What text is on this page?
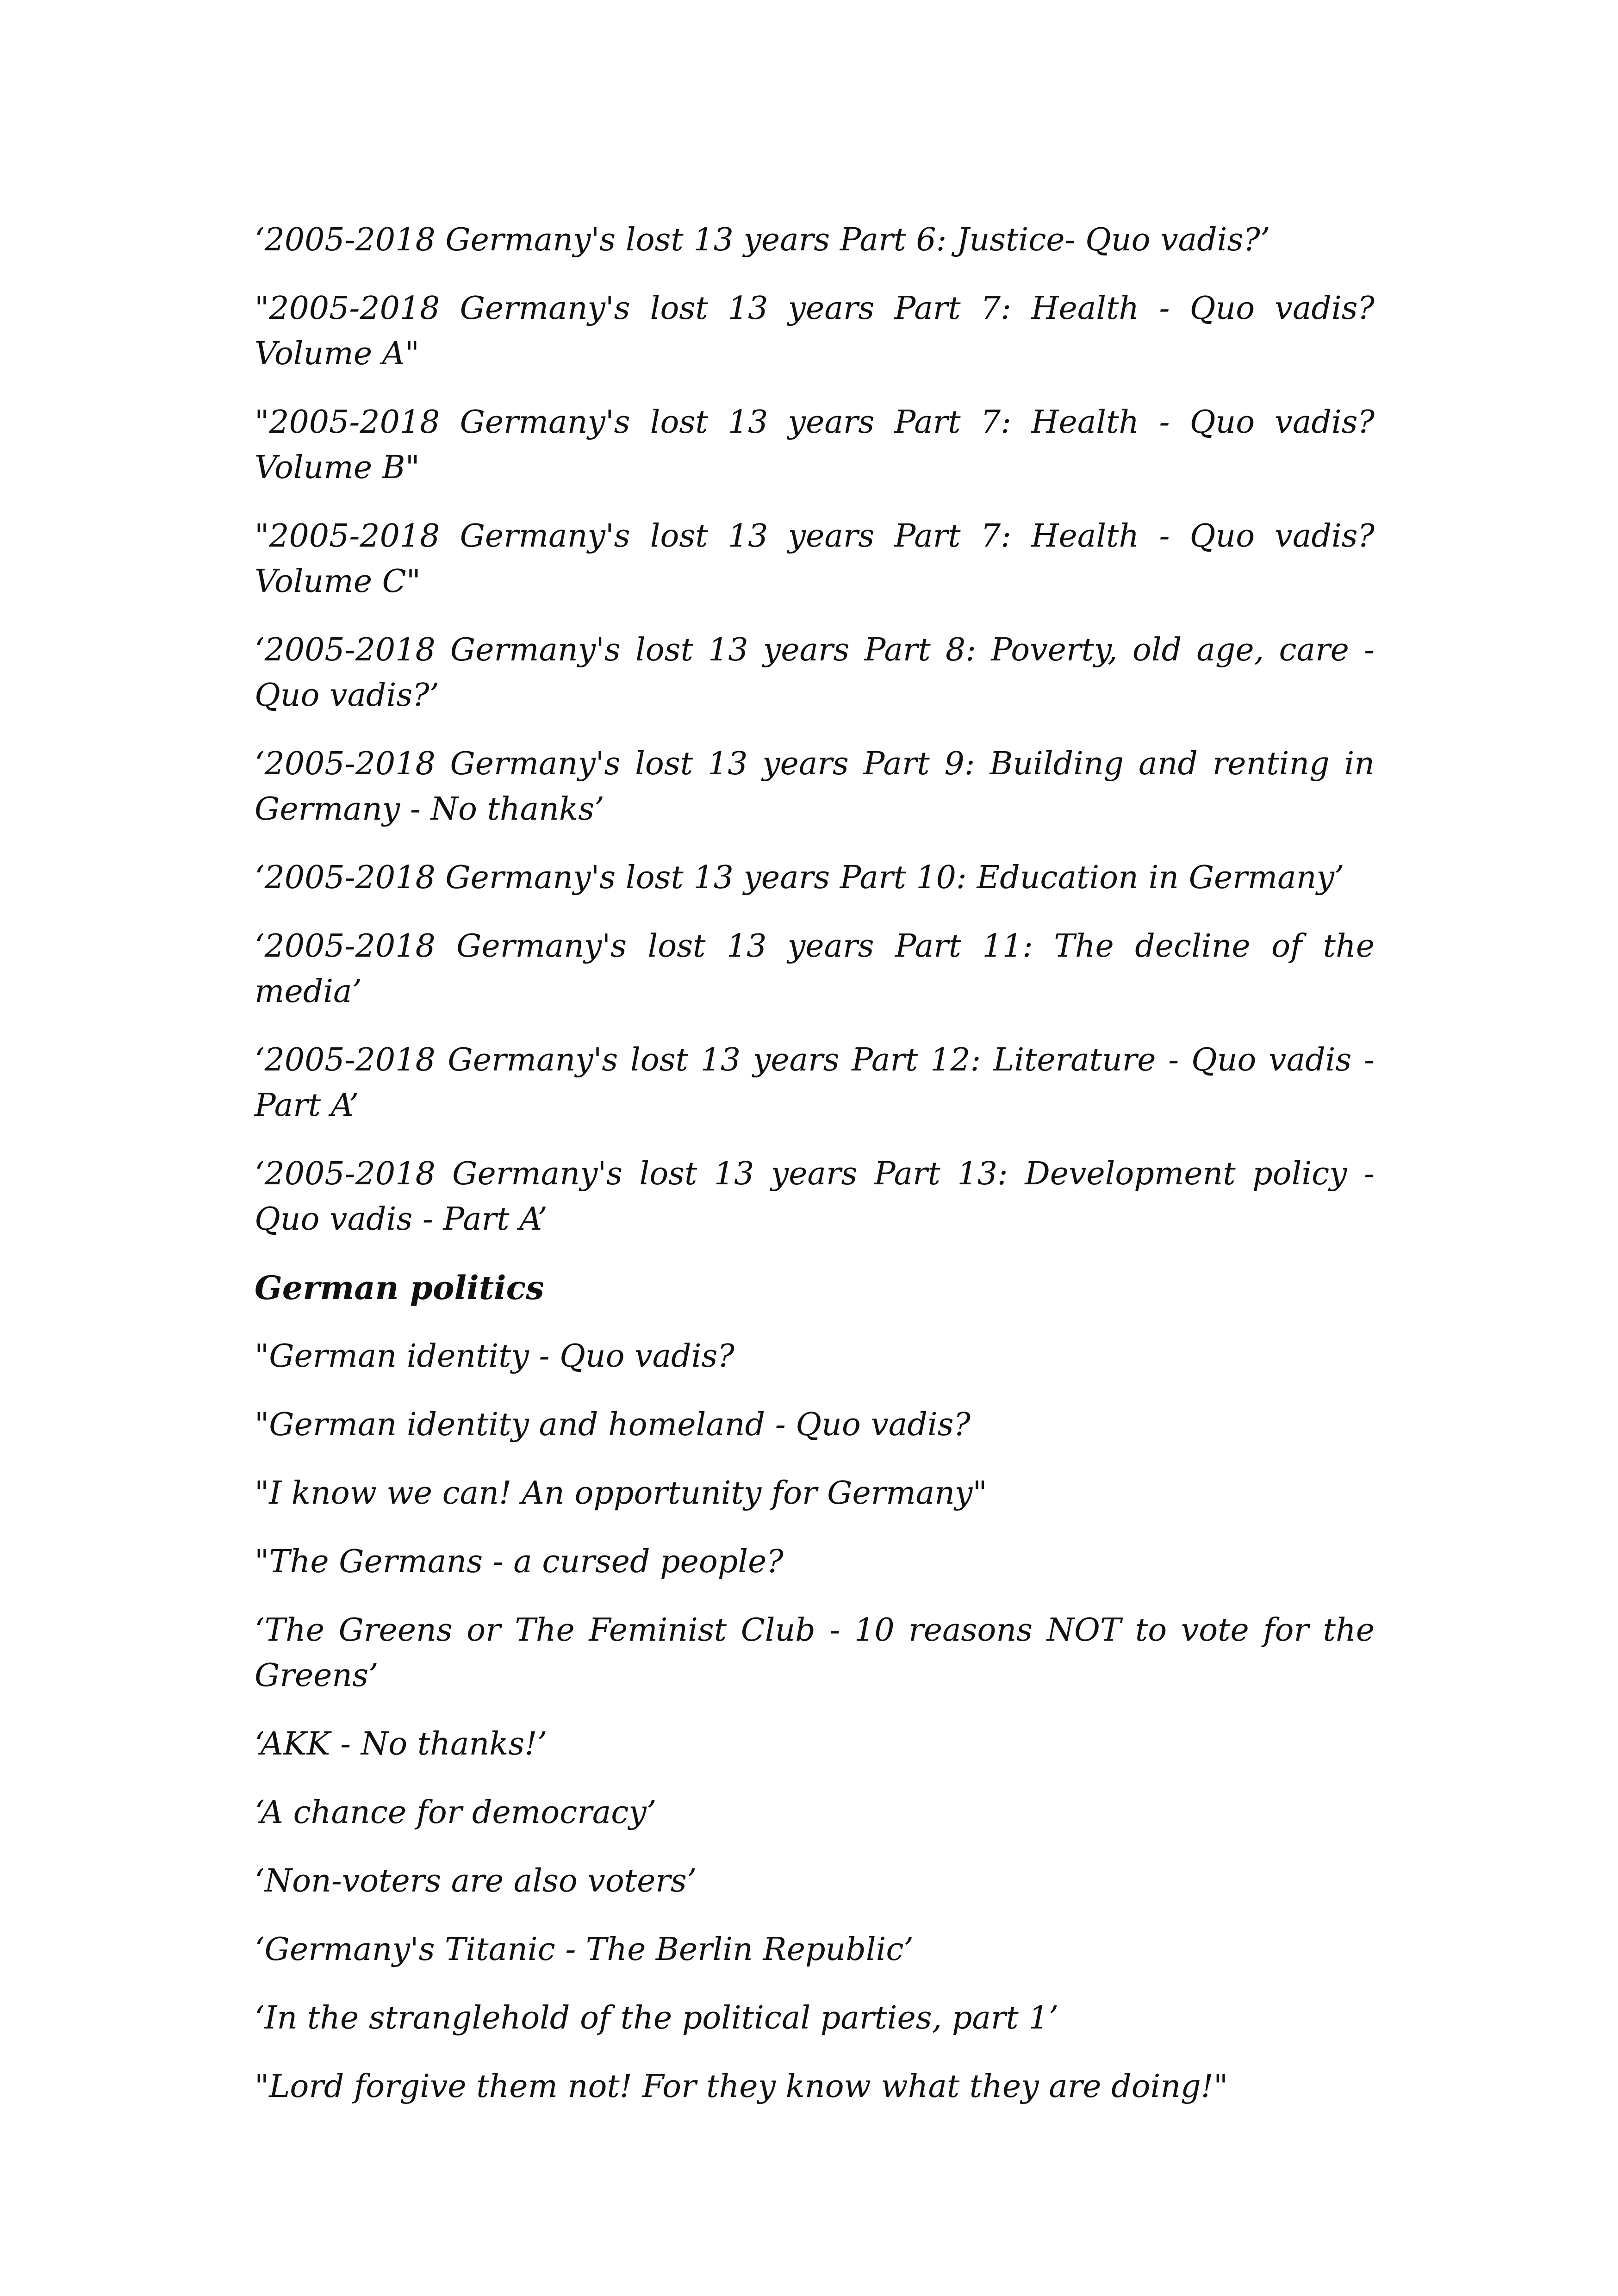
‘2005-2018 Germany's lost 13 years Part 6: Justice- Quo vadis?’

"2005-2018 Germany's lost 13 years Part 7: Health - Quo vadis? Volume A"

"2005-2018 Germany's lost 13 years Part 7: Health - Quo vadis? Volume B"

"2005-2018 Germany's lost 13 years Part 7: Health - Quo vadis? Volume C"

‘2005-2018 Germany's lost 13 years Part 8: Poverty, old age, care - Quo vadis?’

‘2005-2018 Germany's lost 13 years Part 9: Building and renting in Germany - No thanks’

‘2005-2018 Germany's lost 13 years Part 10: Education in Germany’

‘2005-2018 Germany's lost 13 years Part 11: The decline of the media’

‘2005-2018 Germany's lost 13 years Part 12: Literature - Quo vadis - Part A’

‘2005-2018 Germany's lost 13 years Part 13: Development policy - Quo vadis - Part A’

German politics

"German identity - Quo vadis?

"German identity and homeland - Quo vadis?

"I know we can! An opportunity for Germany"

"The Germans - a cursed people?

‘The Greens or The Feminist Club - 10 reasons NOT to vote for the Greens’

‘AKK - No thanks!’

‘A chance for democracy’

‘Non-voters are also voters’

‘Germany's Titanic - The Berlin Republic’

‘In the stranglehold of the political parties, part 1’

"Lord forgive them not! For they know what they are doing!"
